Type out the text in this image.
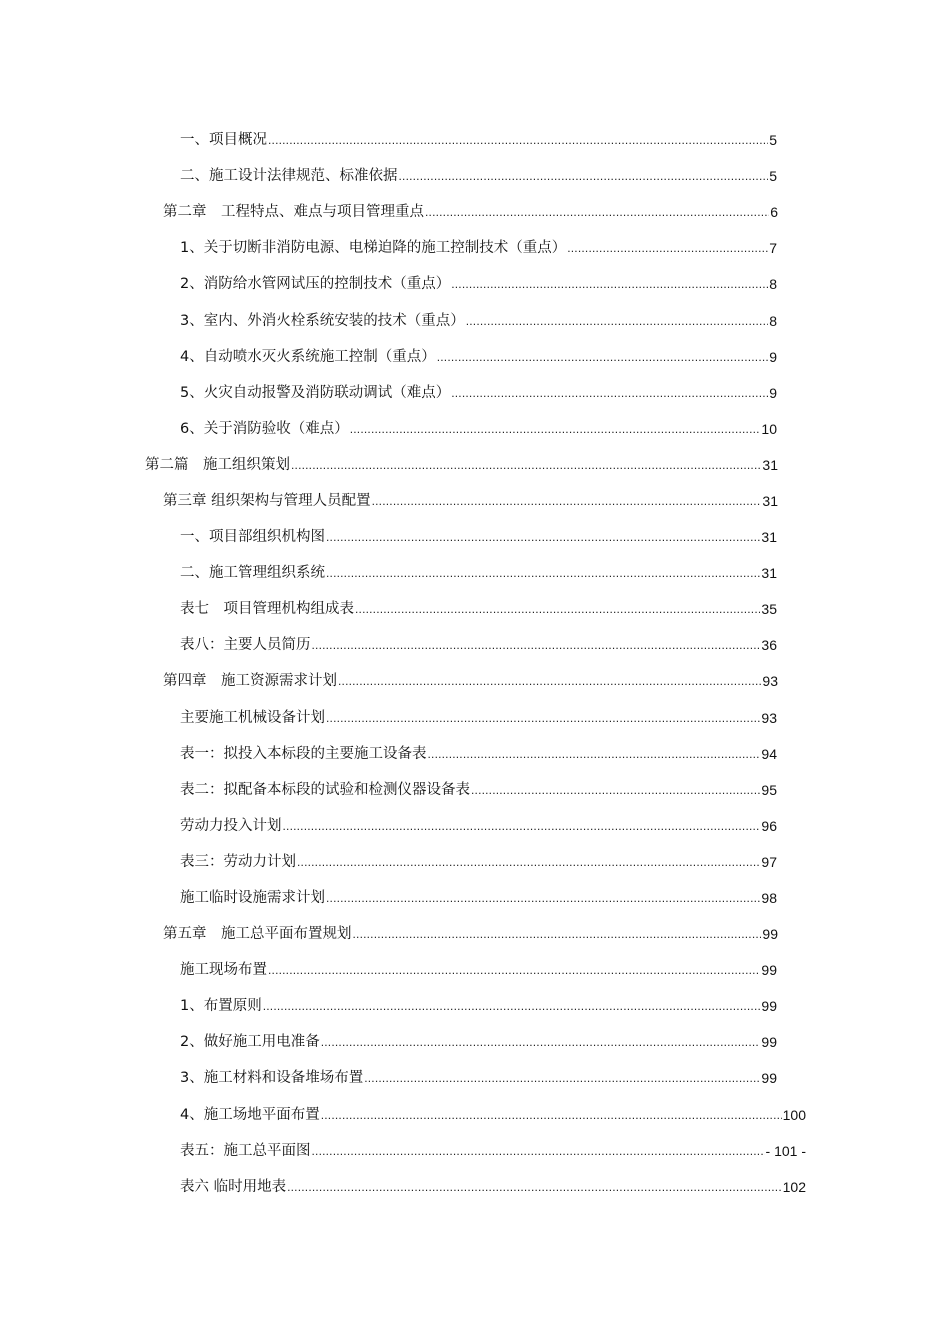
一、项目概况 .....	5
二、施工设计法律规范、标准依据 .....	5
第二章　工程特点、难点与项目管理重点 .....	6
1、关于切断非消防电源、电梯迫降的施工控制技术（重点） .....	7
2、消防给水管网试压的控制技术（重点） .....	8
3、室内、外消火栓系统安装的技术（重点） .....	8
4、自动喷水灭火系统施工控制（重点） .....	9
5、火灾自动报警及消防联动调试（难点） .....	9
6、关于消防验收（难点） .....	10
第二篇　施工组织策划 .....	31
第三章 组织架构与管理人员配置 .....	31
一、项目部组织机构图 .....	31
二、施工管理组织系统 .....	31
表七　项目管理机构组成表 .....	35
表八：主要人员简历 .....	36
第四章　施工资源需求计划 .....	93
主要施工机械设备计划 .....	93
表一：拟投入本标段的主要施工设备表 .....	94
表二：拟配备本标段的试验和检测仪器设备表 .....	95
劳动力投入计划 .....	96
表三：劳动力计划 .....	97
施工临时设施需求计划 .....	98
第五章　施工总平面布置规划 .....	99
施工现场布置 .....	99
1、布置原则 .....	99
2、做好施工用电准备 .....	99
3、施工材料和设备堆场布置 .....	99
4、施工场地平面布置 .....	100
表五：施工总平面图 .....	- 101 -
表六 临时用地表 .....	102
